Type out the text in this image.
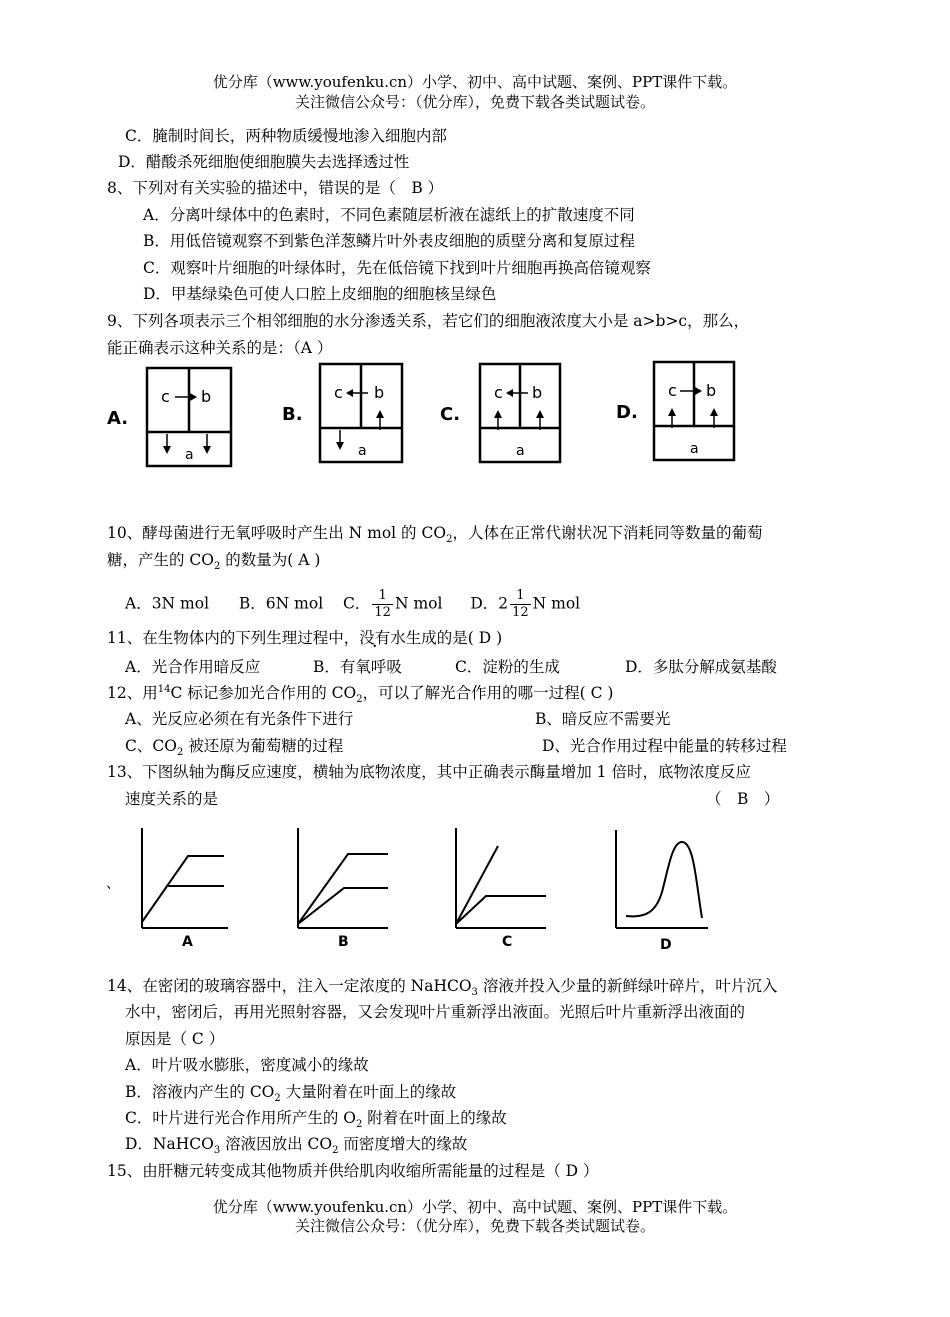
优分库（www.youfenku.cn）小学、初中、高中试题、案例、PPT课件下载。
关注微信公众号：（优分库），免费下载各类试题试卷。
C．腌制时间长，两种物质缓慢地渗入细胞内部
D．醋酸杀死细胞使细胞膜失去选择透过性
8、下列对有关实验的描述中，错误的是（　B ）
A．分离叶绿体中的色素时，不同色素随层析液在滤纸上的扩散速度不同
B．用低倍镜观察不到紫色洋葱鳞片叶外表皮细胞的质壁分离和复原过程
C．观察叶片细胞的叶绿体时，先在低倍镜下找到叶片细胞再换高倍镜观察
D．甲基绿染色可使人口腔上皮细胞的细胞核呈绿色
9、下列各项表示三个相邻细胞的水分渗透关系，若它们的细胞液浓度大小是 a>b>c，那么，
能正确表示这种关系的是：（A ）
A.
c b
a
B.
c b
a
C.
c b
a
D.
c b
a
10、酵母菌进行无氧呼吸时产生出 N mol 的 $CO_2$，人体在正常代谢状况下消耗同等数量的葡萄
糖，产生的 $CO_2$ 的数量为( A )
A．3N mol B．6N mol C． $\frac{1}{12}$ N mol D．$2 \frac{1}{12}$ N mol
11、在生物体内的下列生理过程中，没有水生成的是( D )
A．光合作用暗反应	B．有氧呼吸	C．淀粉的生成	D．多肽分解成氨基酸
12、用$^{14}$C 标记参加光合作用的 $CO_2$，可以了解光合作用的哪一过程( C )
A、光反应必须在有光条件下进行	B、暗反应不需要光
C、$CO_2$ 被还原为葡萄糖的过程	D、光合作用过程中能量的转移过程
13、下图纵轴为酶反应速度，横轴为底物浓度，其中正确表示酶量增加 1 倍时，底物浓度反应
速度关系的是	（　B　）
、
A	B	C	D
14、在密闭的玻璃容器中，注入一定浓度的 NaHCO$_3$ 溶液并投入少量的新鲜绿叶碎片，叶片沉入
水中，密闭后，再用光照射容器，又会发现叶片重新浮出液面。光照后叶片重新浮出液面的
原因是（ C ）
A．叶片吸水膨胀，密度减小的缘故
B．溶液内产生的 $CO_2$ 大量附着在叶面上的缘故
C．叶片进行光合作用所产生的 $O_2$ 附着在叶面上的缘故
D．NaHCO$_3$ 溶液因放出 $CO_2$ 而密度增大的缘故
15、由肝糖元转变成其他物质并供给肌肉收缩所需能量的过程是（ D ）
优分库（www.youfenku.cn）小学、初中、高中试题、案例、PPT课件下载。
关注微信公众号：（优分库），免费下载各类试题试卷。
